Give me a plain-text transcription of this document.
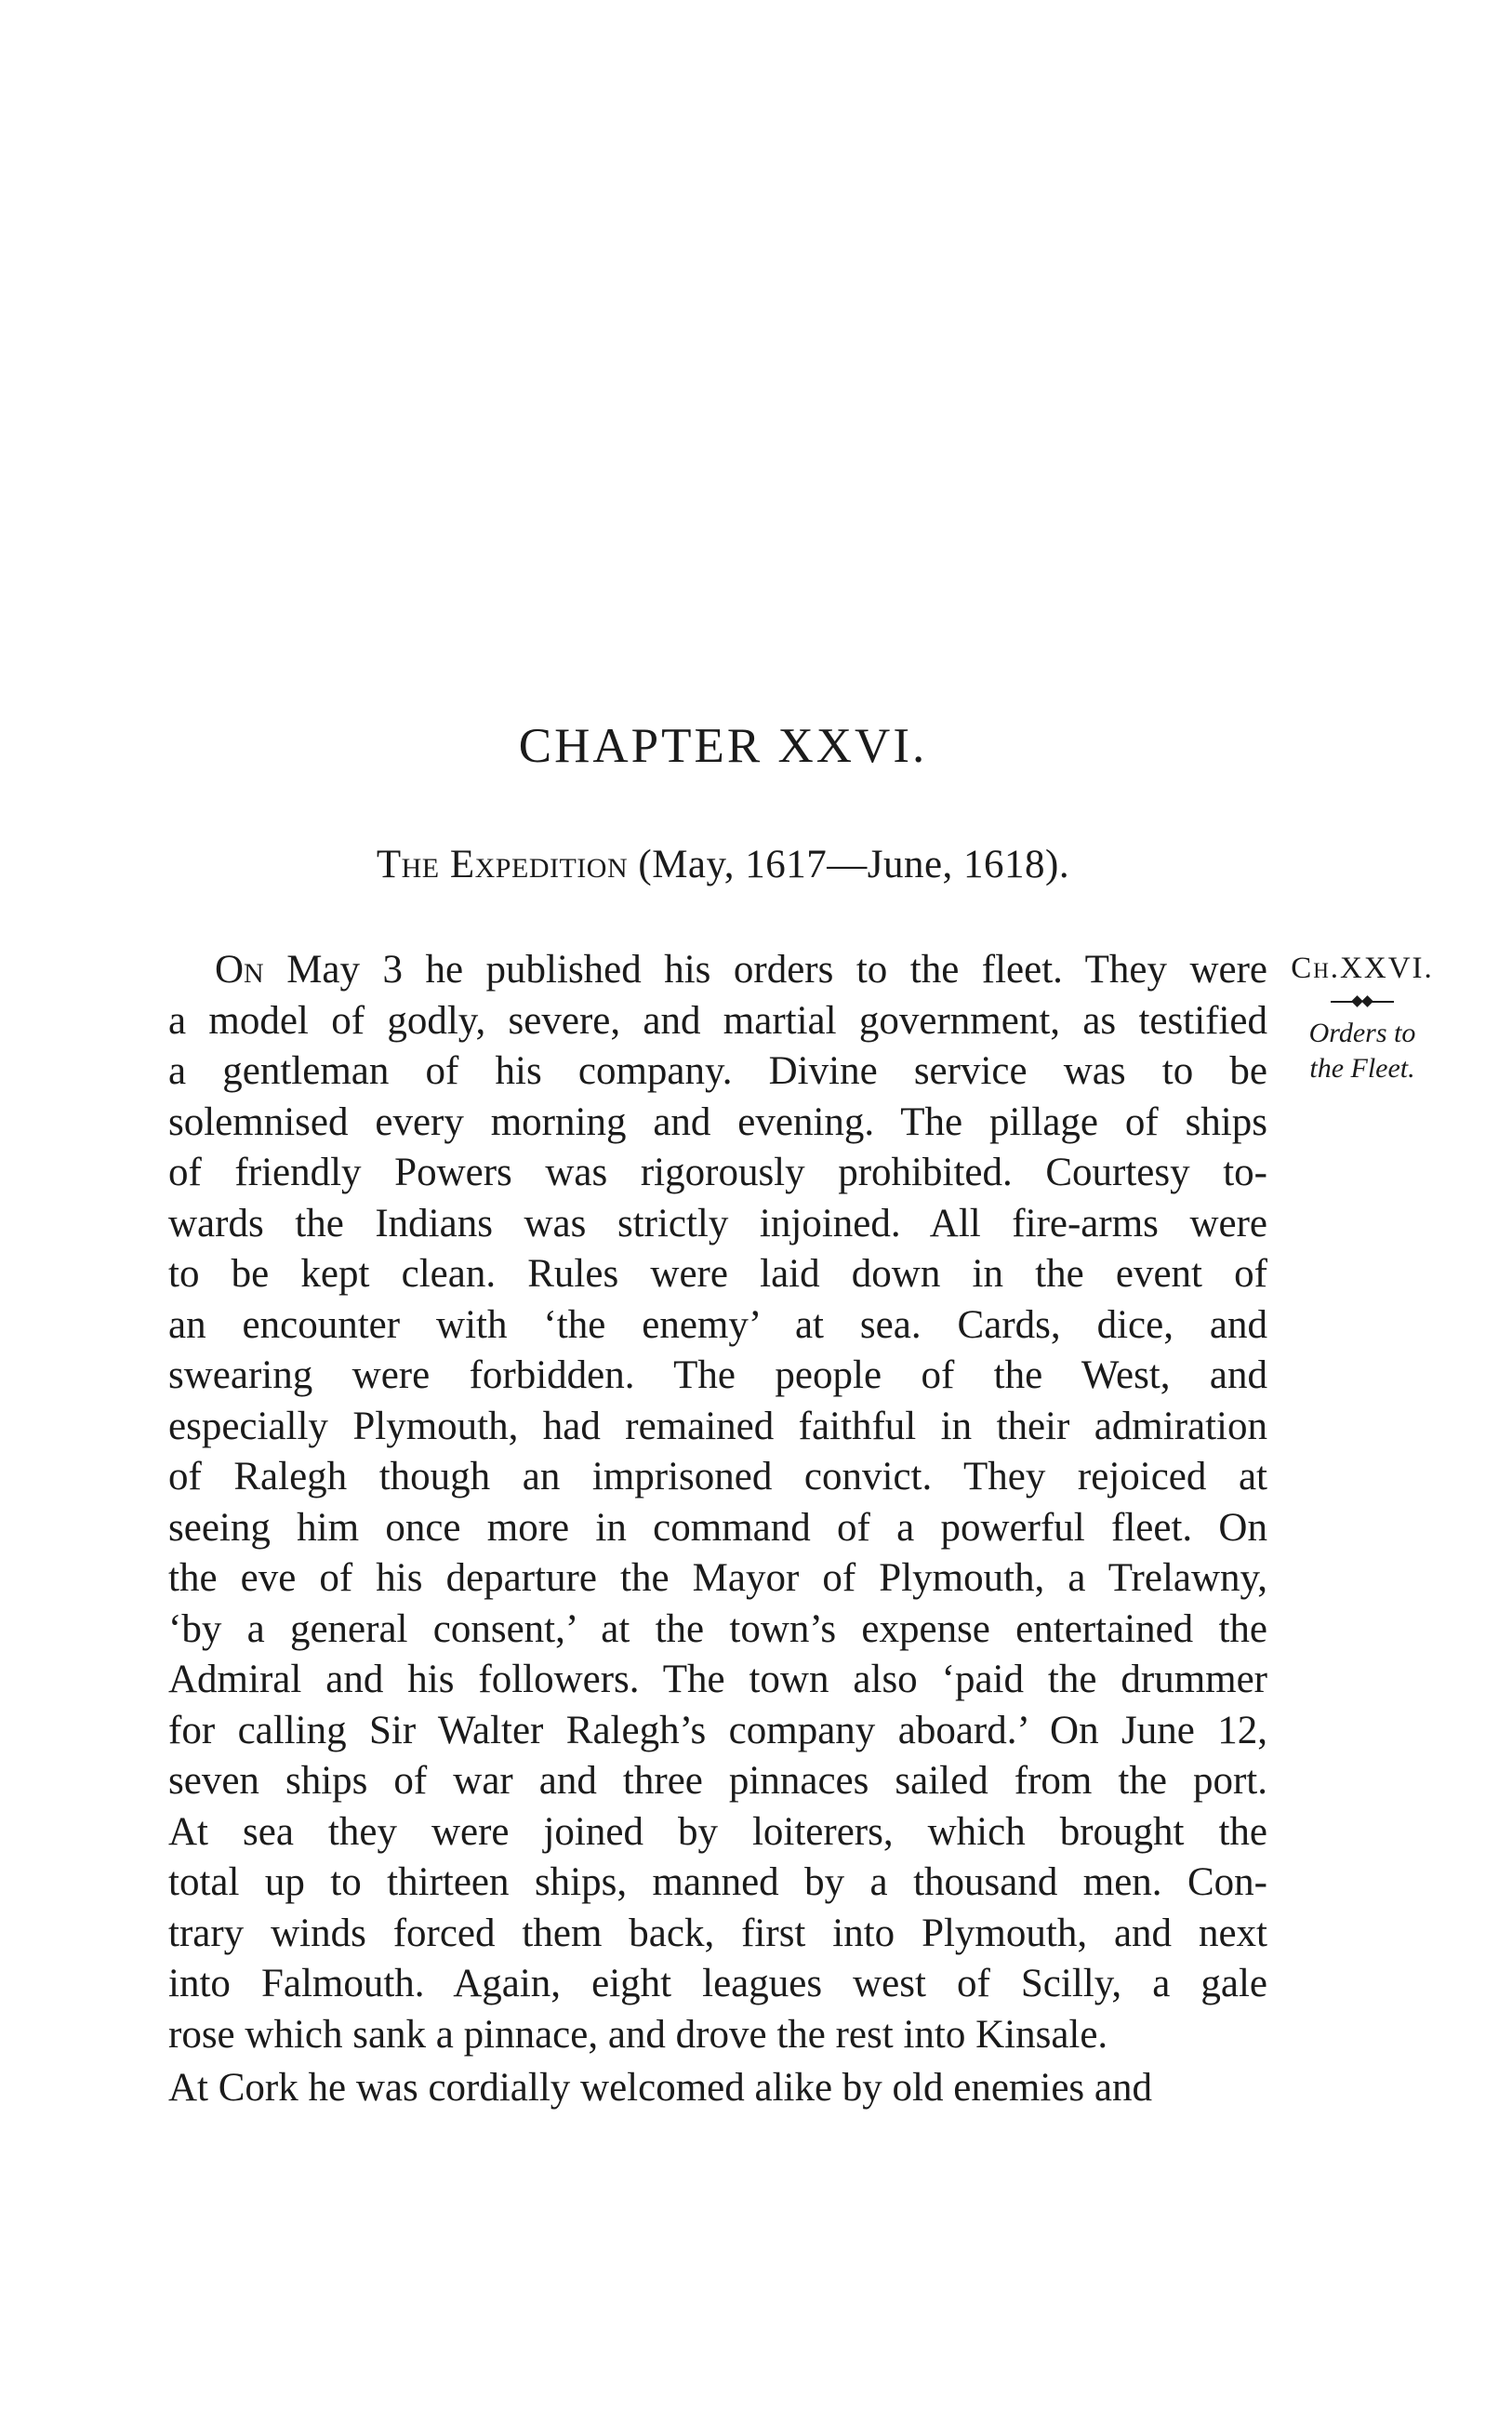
CHAPTER XXVI.
The Expedition (May, 1617—June, 1618).
Ch.XXVI.
Orders to
the Fleet.
On May 3 he published his orders to the fleet. They were
a model of godly, severe, and martial government, as testified
a gentleman of his company. Divine service was to be
solemnised every morning and evening. The pillage of ships
of friendly Powers was rigorously prohibited. Courtesy to-
wards the Indians was strictly injoined. All fire-arms were
to be kept clean. Rules were laid down in the event of
an encounter with ‘the enemy’ at sea. Cards, dice, and
swearing were forbidden. The people of the West, and
especially Plymouth, had remained faithful in their admiration
of Ralegh though an imprisoned convict. They rejoiced at
seeing him once more in command of a powerful fleet. On
the eve of his departure the Mayor of Plymouth, a Trelawny,
‘by a general consent,’ at the town’s expense entertained the
Admiral and his followers. The town also ‘paid the drummer
for calling Sir Walter Ralegh’s company aboard.’ On June 12,
seven ships of war and three pinnaces sailed from the port.
At sea they were joined by loiterers, which brought the
total up to thirteen ships, manned by a thousand men. Con-
trary winds forced them back, first into Plymouth, and next
into Falmouth. Again, eight leagues west of Scilly, a gale
rose which sank a pinnace, and drove the rest into Kinsale.
At Cork he was cordially welcomed alike by old enemies and
